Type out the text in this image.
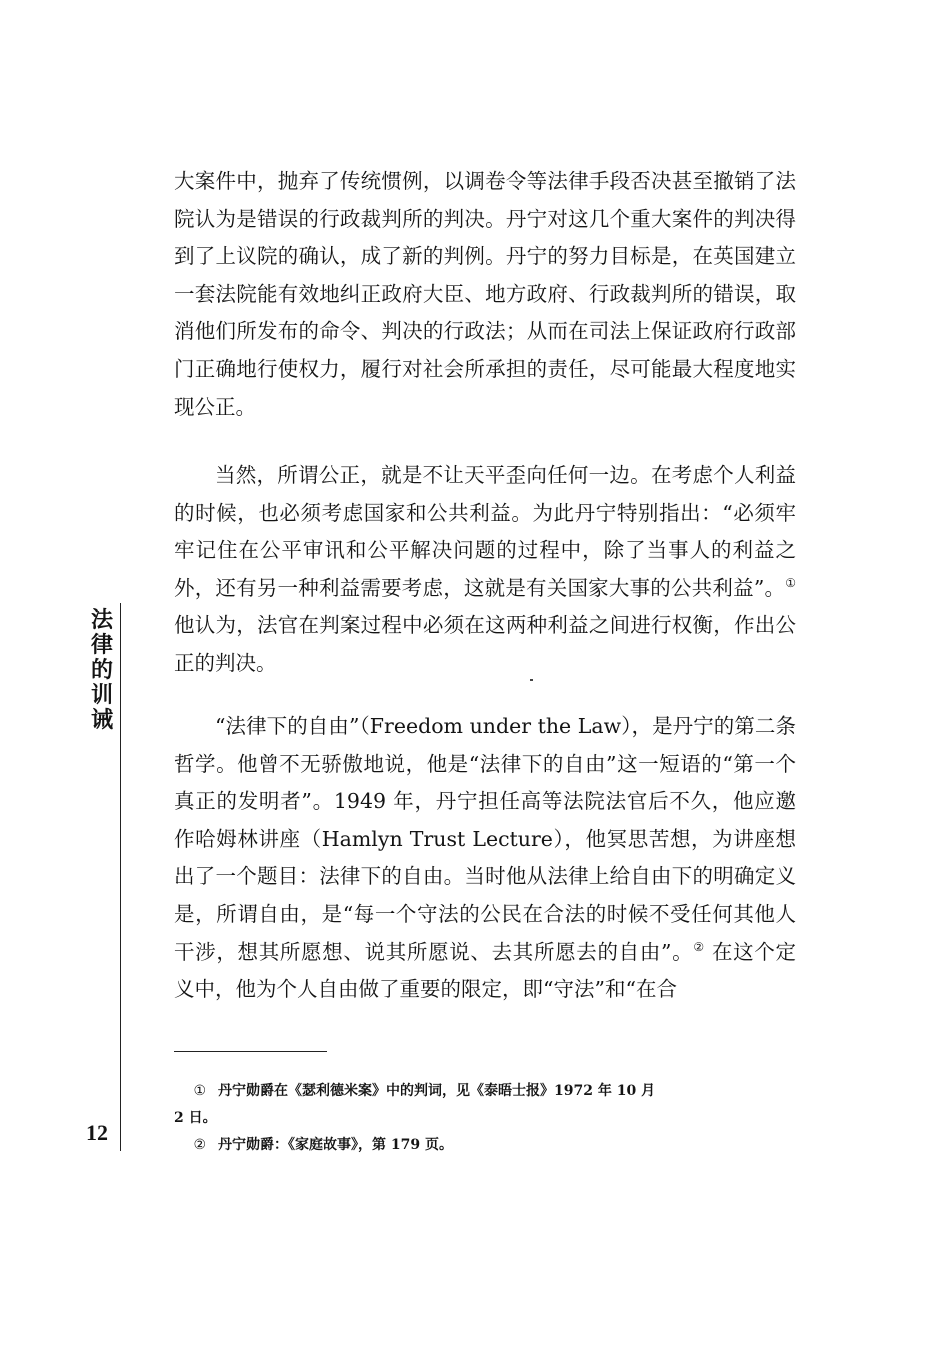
大案件中，抛弃了传统惯例，以调卷令等法律手段否决甚至撤销了法院认为是错误的行政裁判所的判决。丹宁对这几个重大案件的判决得到了上议院的确认，成了新的判例。丹宁的努力目标是，在英国建立一套法院能有效地纠正政府大臣、地方政府、行政裁判所的错误，取消他们所发布的命令、判决的行政法；从而在司法上保证政府行政部门正确地行使权力，履行对社会所承担的责任，尽可能最大程度地实现公正。

当然，所谓公正，就是不让天平歪向任何一边。在考虑个人利益的时候，也必须考虑国家和公共利益。为此丹宁特别指出：“必须牢牢记住在公平审讯和公平解决问题的过程中，除了当事人的利益之外，还有另一种利益需要考虑，这就是有关国家大事的公共利益”。① 他认为，法官在判案过程中必须在这两种利益之间进行权衡，作出公正的判决。

“法律下的自由”（Freedom under the Law），是丹宁的第二条哲学。他曾不无骄傲地说，他是“法律下的自由”这一短语的“第一个真正的发明者”。1949 年，丹宁担任高等法院法官后不久，他应邀作哈姆林讲座（Hamlyn Trust Lecture），他冥思苦想，为讲座想出了一个题目：法律下的自由。当时他从法律上给自由下的明确定义是，所谓自由，是“每一个守法的公民在合法的时候不受任何其他人干涉，想其所愿想、说其所愿说、去其所愿去的自由”。② 在这个定义中，他为个人自由做了重要的限定，即“守法”和“在合

法
律
的
训
诫
12

① 丹宁勋爵在《瑟利德米案》中的判词，见《泰晤士报》1972 年 10 月

2 日。

② 丹宁勋爵：《家庭故事》，第 179 页。
